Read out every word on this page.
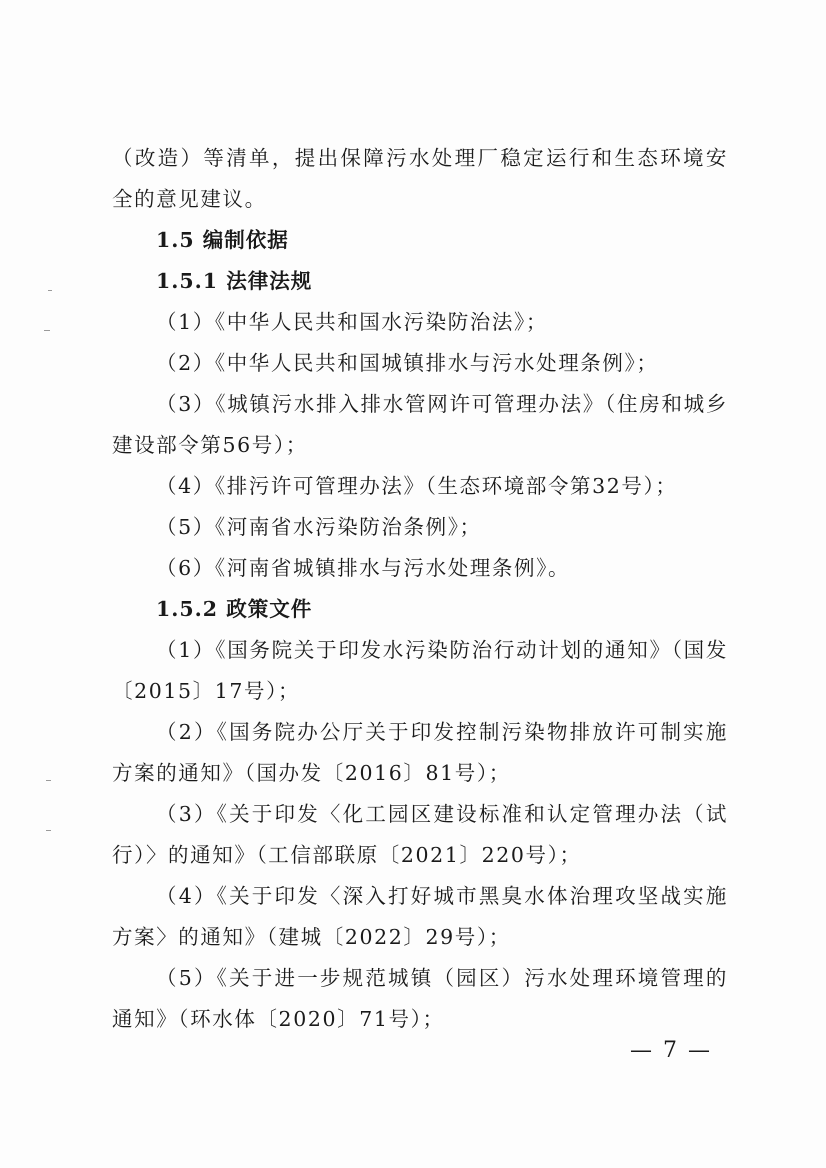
（改造）等清单，提出保障污水处理厂稳定运行和生态环境安全的意见建议。

1.5 编制依据

1.5.1 法律法规

（1）《中华人民共和国水污染防治法》；

（2）《中华人民共和国城镇排水与污水处理条例》；

（3）《城镇污水排入排水管网许可管理办法》（住房和城乡建设部令第56号）；

（4）《排污许可管理办法》（生态环境部令第32号）；

（5）《河南省水污染防治条例》；

（6）《河南省城镇排水与污水处理条例》。

1.5.2 政策文件

（1）《国务院关于印发水污染防治行动计划的通知》（国发〔2015〕17号）；

（2）《国务院办公厅关于印发控制污染物排放许可制实施方案的通知》（国办发〔2016〕81号）；

（3）《关于印发〈化工园区建设标准和认定管理办法（试行）〉的通知》（工信部联原〔2021〕220号）；

（4）《关于印发〈深入打好城市黑臭水体治理攻坚战实施方案〉的通知》（建城〔2022〕29号）；

（5）《关于进一步规范城镇（园区）污水处理环境管理的通知》（环水体〔2020〕71号）；

— 7 —
